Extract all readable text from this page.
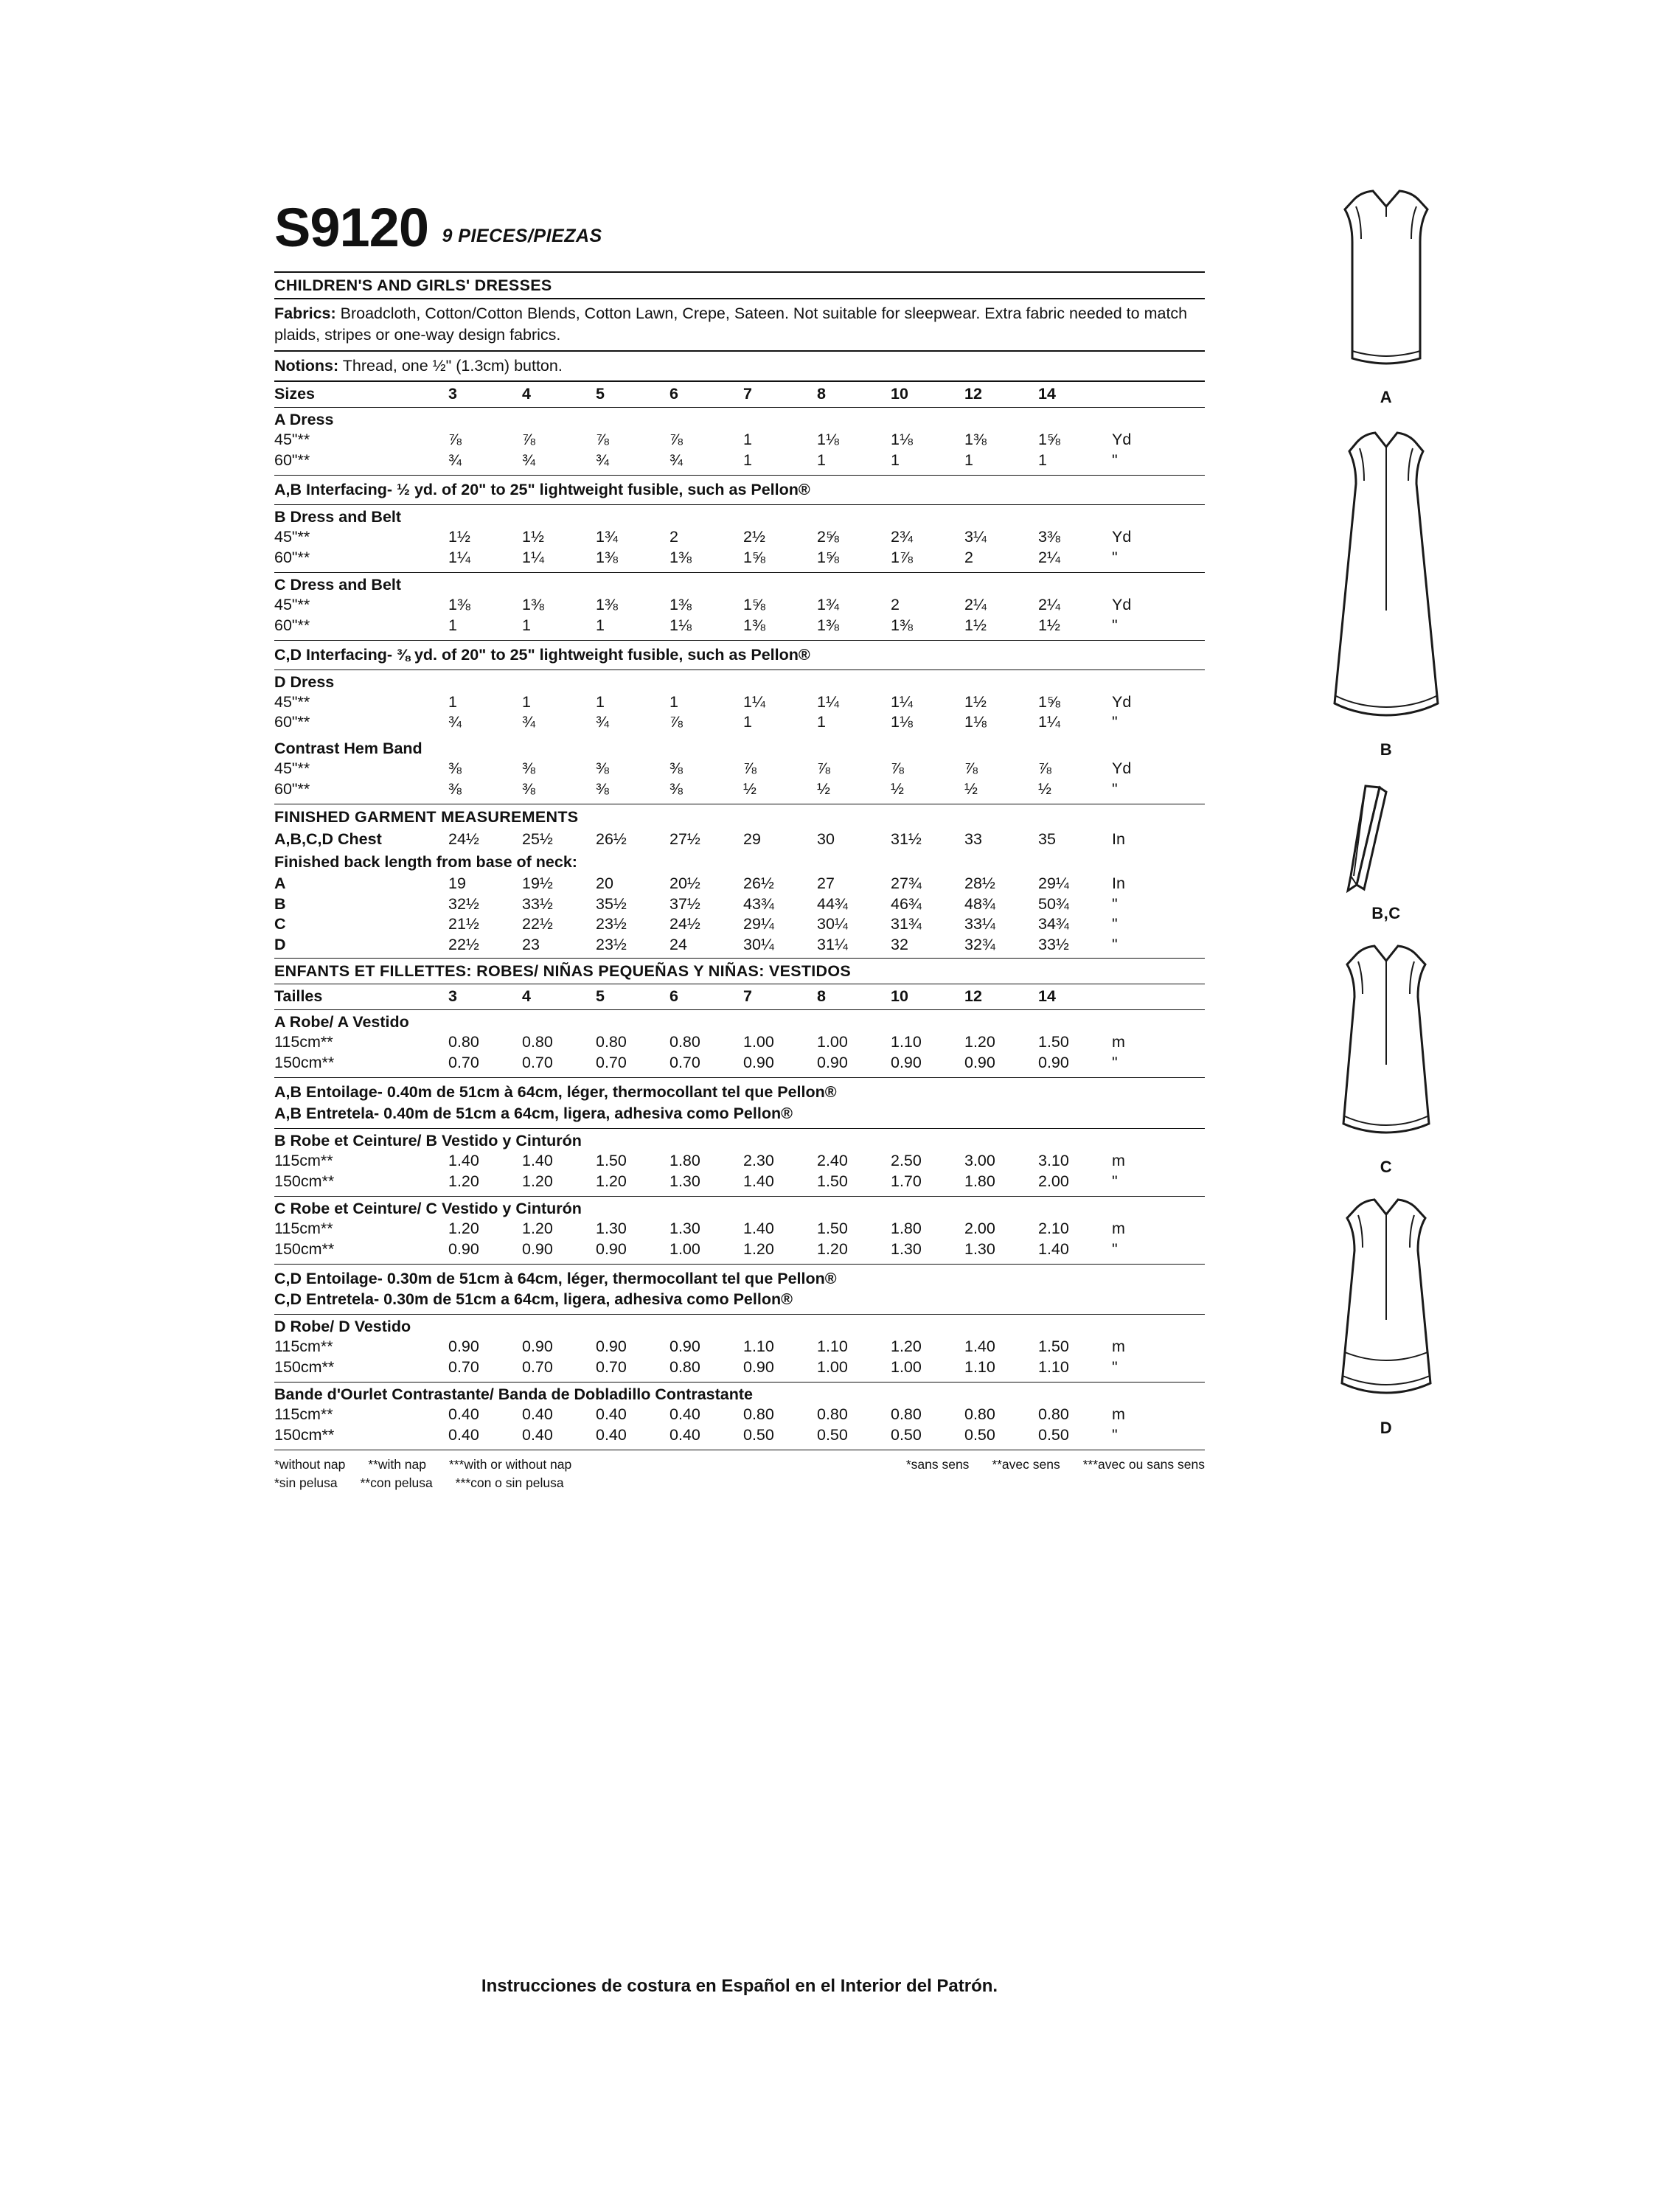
S9120 9 PIECES/PIEZAS
CHILDREN'S AND GIRLS' DRESSES
Fabrics: Broadcloth, Cotton/Cotton Blends, Cotton Lawn, Crepe, Sateen. Not suitable for sleepwear. Extra fabric needed to match plaids, stripes or one-way design fabrics.
Notions: Thread, one ½" (1.3cm) button.
Sizes	3	4	5	6	7	8	10	12	14
A Dress
45"**	⅞	⅞	⅞	⅞	1	1⅛	1⅛	1⅜	1⅝	Yd
60"**	¾	¾	¾	¾	1	1	1	1	1	"
A,B Interfacing- ½ yd. of 20" to 25" lightweight fusible, such as Pellon®
B Dress and Belt
45"**	1½	1½	1¾	2	2½	2⅝	2¾	3¼	3⅜	Yd
60"**	1¼	1¼	1⅜	1⅜	1⅝	1⅝	1⅞	2	2¼	"
C Dress and Belt
45"**	1⅜	1⅜	1⅜	1⅜	1⅝	1¾	2	2¼	2¼	Yd
60"**	1	1	1	1⅛	1⅜	1⅜	1⅜	1½	1½	"
C,D Interfacing- ⅜ yd. of 20" to 25" lightweight fusible, such as Pellon®
D Dress
45"**	1	1	1	1	1¼	1¼	1¼	1½	1⅝	Yd
60"**	¾	¾	¾	⅞	1	1	1⅛	1⅛	1¼	"
Contrast Hem Band
45"**	⅜	⅜	⅜	⅜	⅞	⅞	⅞	⅞	⅞	Yd
60"**	⅜	⅜	⅜	⅜	½	½	½	½	½	"
FINISHED GARMENT MEASUREMENTS
A,B,C,D Chest	24½	25½	26½	27½	29	30	31½	33	35	In
Finished back length from base of neck:
A	19	19½	20	20½	26½	27	27¾	28½	29¼	In
B	32½	33½	35½	37½	43¾	44¾	46¾	48¾	50¾	"
C	21½	22½	23½	24½	29¼	30¼	31¾	33¼	34¾	"
D	22½	23	23½	24	30¼	31¼	32	32¾	33½	"
ENFANTS ET FILLETTES: ROBES/ NIÑAS PEQUEÑAS Y NIÑAS: VESTIDOS
Tailles	3	4	5	6	7	8	10	12	14
A Robe/ A Vestido
115cm**	0.80	0.80	0.80	0.80	1.00	1.00	1.10	1.20	1.50	m
150cm**	0.70	0.70	0.70	0.70	0.90	0.90	0.90	0.90	0.90	"
A,B Entoilage- 0.40m de 51cm à 64cm, léger, thermocollant tel que Pellon®
A,B Entretela- 0.40m de 51cm a 64cm, ligera, adhesiva como Pellon®
B Robe et Ceinture/ B Vestido y Cinturón
115cm**	1.40	1.40	1.50	1.80	2.30	2.40	2.50	3.00	3.10	m
150cm**	1.20	1.20	1.20	1.30	1.40	1.50	1.70	1.80	2.00	"
C Robe et Ceinture/ C Vestido y Cinturón
115cm**	1.20	1.20	1.30	1.30	1.40	1.50	1.80	2.00	2.10	m
150cm**	0.90	0.90	0.90	1.00	1.20	1.20	1.30	1.30	1.40	"
C,D Entoilage- 0.30m de 51cm à 64cm, léger, thermocollant tel que Pellon®
C,D Entretela- 0.30m de 51cm a 64cm, ligera, adhesiva como Pellon®
D Robe/ D Vestido
115cm**	0.90	0.90	0.90	0.90	1.10	1.10	1.20	1.40	1.50	m
150cm**	0.70	0.70	0.70	0.80	0.90	1.00	1.00	1.10	1.10	"
Bande d'Ourlet Contrastante/ Banda de Dobladillo Contrastante
115cm**	0.40	0.40	0.40	0.40	0.80	0.80	0.80	0.80	0.80	m
150cm**	0.40	0.40	0.40	0.40	0.50	0.50	0.50	0.50	0.50	"
*without nap **with nap ***with or without nap
*sin pelusa **con pelusa ***con o sin pelusa
*sans sens **avec sens ***avec ou sans sens
Instrucciones de costura en Español en el Interior del Patrón.
A
B
B,C
C
D
